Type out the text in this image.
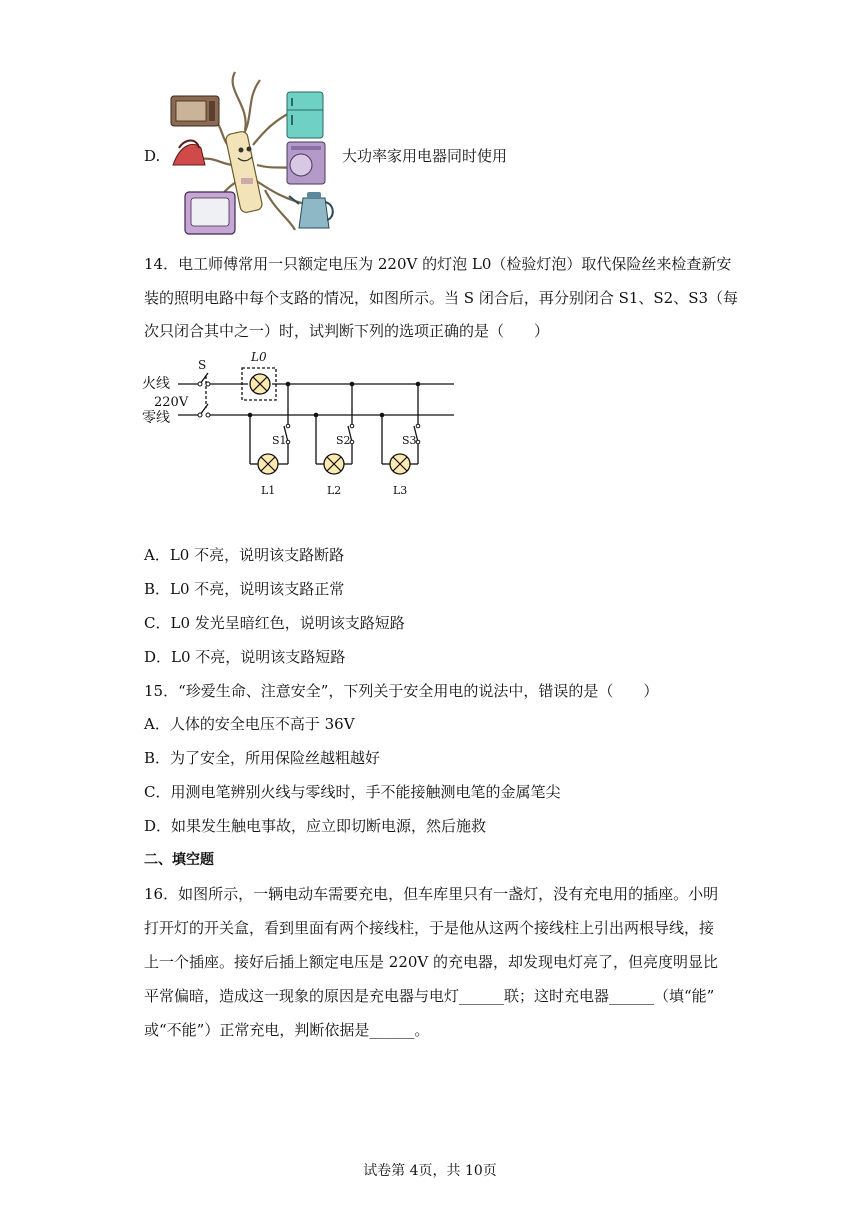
D.	大功率家用电器同时使用
14．电工师傅常用一只额定电压为 220V 的灯泡 L0（检验灯泡）取代保险丝来检查新安
装的照明电路中每个支路的情况，如图所示。当 S 闭合后，再分别闭合 S1、S2、S3（每
次只闭合其中之一）时，试判断下列的选项正确的是（　　）
火线
220V
零线
S
L0
S1	S2	S3
L1	L2	L3
A．L0 不亮，说明该支路断路
B．L0 不亮，说明该支路正常
C．L0 发光呈暗红色，说明该支路短路
D．L0 不亮，说明该支路短路
15．“珍爱生命、注意安全”，下列关于安全用电的说法中，错误的是（　　）
A．人体的安全电压不高于 36V
B．为了安全，所用保险丝越粗越好
C．用测电笔辨别火线与零线时，手不能接触测电笔的金属笔尖
D．如果发生触电事故，应立即切断电源，然后施救
二、填空题
16．如图所示，一辆电动车需要充电，但车库里只有一盏灯，没有充电用的插座。小明
打开灯的开关盒，看到里面有两个接线柱，于是他从这两个接线柱上引出两根导线，接
上一个插座。接好后插上额定电压是 220V 的充电器，却发现电灯亮了，但亮度明显比
平常偏暗，造成这一现象的原因是充电器与电灯______联；这时充电器______（填“能”
或“不能”）正常充电，判断依据是______。
试卷第 4页，共 10页
